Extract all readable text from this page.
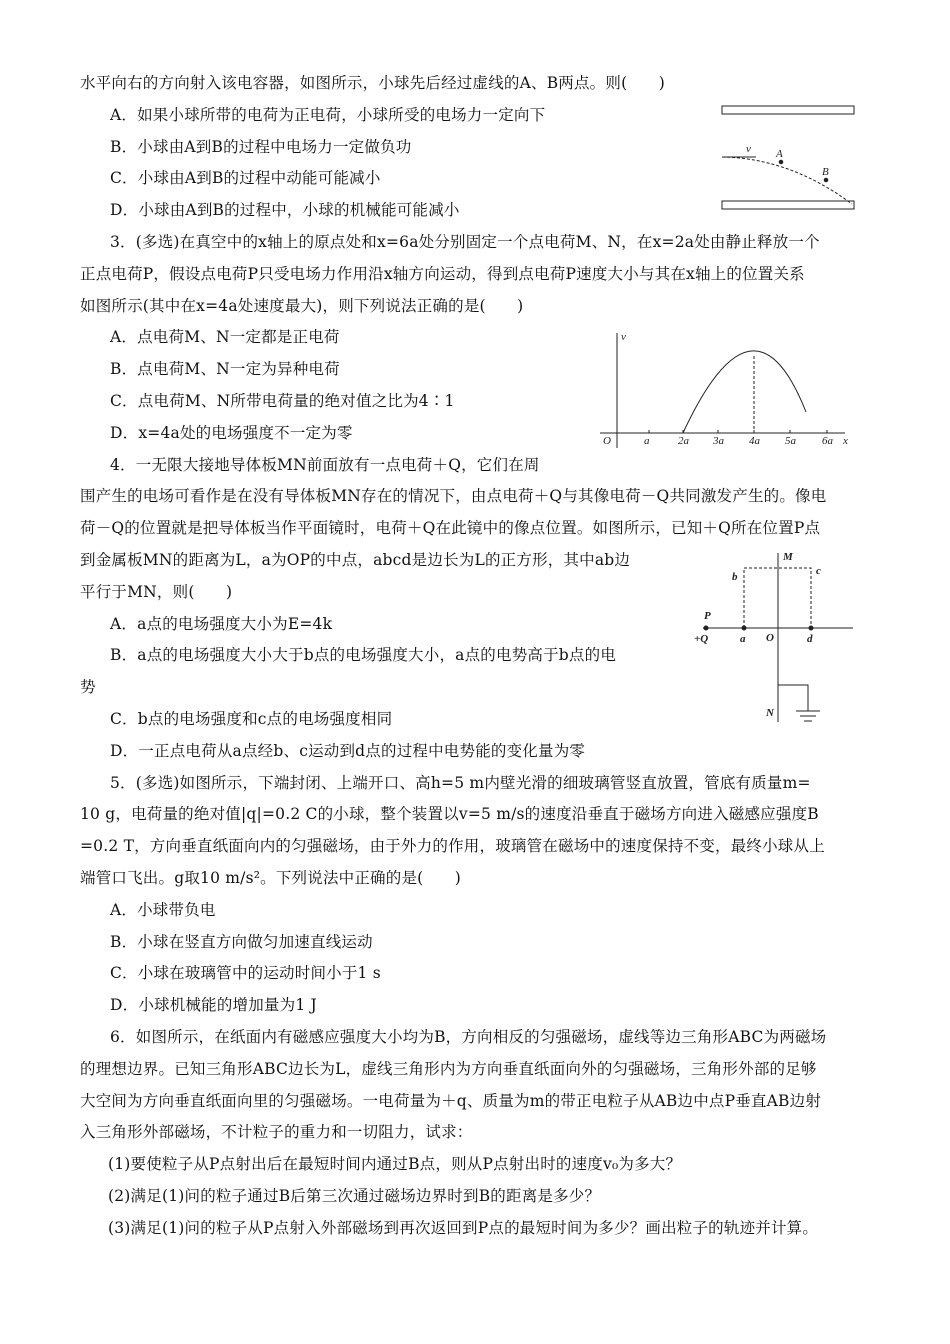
水平向右的方向射入该电容器，如图所示，小球先后经过虚线的A、B两点。则(　　)
A．如果小球所带的电荷为正电荷，小球所受的电场力一定向下
B．小球由A到B的过程中电场力一定做负功
C．小球由A到B的过程中动能可能减小
D．小球由A到B的过程中，小球的机械能可能减小
3．(多选)在真空中的x轴上的原点处和x=6a处分别固定一个点电荷M、N，在x=2a处由静止释放一个
正点电荷P，假设点电荷P只受电场力作用沿x轴方向运动，得到点电荷P速度大小与其在x轴上的位置关系
如图所示(其中在x=4a处速度最大)，则下列说法正确的是(　　)
A．点电荷M、N一定都是正电荷
B．点电荷M、N一定为异种电荷
C．点电荷M、N所带电荷量的绝对值之比为4∶1
D．x=4a处的电场强度不一定为零
4．一无限大接地导体板MN前面放有一点电荷＋Q，它们在周
围产生的电场可看作是在没有导体板MN存在的情况下，由点电荷＋Q与其像电荷－Q共同激发产生的。像电
荷－Q的位置就是把导体板当作平面镜时，电荷＋Q在此镜中的像点位置。如图所示，已知＋Q所在位置P点
到金属板MN的距离为L，a为OP的中点，abcd是边长为L的正方形，其中ab边
平行于MN，则(　　)
A．a点的电场强度大小为E=4k
B．a点的电场强度大小大于b点的电场强度大小，a点的电势高于b点的电
势
C．b点的电场强度和c点的电场强度相同
D．一正点电荷从a点经b、c运动到d点的过程中电势能的变化量为零
5．(多选)如图所示，下端封闭、上端开口、高h=5 m内壁光滑的细玻璃管竖直放置，管底有质量m=
10 g，电荷量的绝对值|q|=0.2 C的小球，整个装置以v=5 m/s的速度沿垂直于磁场方向进入磁感应强度B
=0.2 T，方向垂直纸面向内的匀强磁场，由于外力的作用，玻璃管在磁场中的速度保持不变，最终小球从上
端管口飞出。g取10 m/s²。下列说法中正确的是(　　)
A．小球带负电
B．小球在竖直方向做匀加速直线运动
C．小球在玻璃管中的运动时间小于1 s
D．小球机械能的增加量为1 J
6．如图所示，在纸面内有磁感应强度大小均为B，方向相反的匀强磁场，虚线等边三角形ABC为两磁场
的理想边界。已知三角形ABC边长为L，虚线三角形内为方向垂直纸面向外的匀强磁场，三角形外部的足够
大空间为方向垂直纸面向里的匀强磁场。一电荷量为＋q、质量为m的带正电粒子从AB边中点P垂直AB边射
入三角形外部磁场，不计粒子的重力和一切阻力，试求：
(1)要使粒子从P点射出后在最短时间内通过B点，则从P点射出时的速度v₀为多大？
(2)满足(1)问的粒子通过B后第三次通过磁场边界时到B的距离是多少？
(3)满足(1)问的粒子从P点射入外部磁场到再次返回到P点的最短时间为多少？画出粒子的轨迹并计算。
v A
B
a	2a 3a 4a 5a 6a
v
x
O
M
N
P
+Q	a
b	c
d
O
